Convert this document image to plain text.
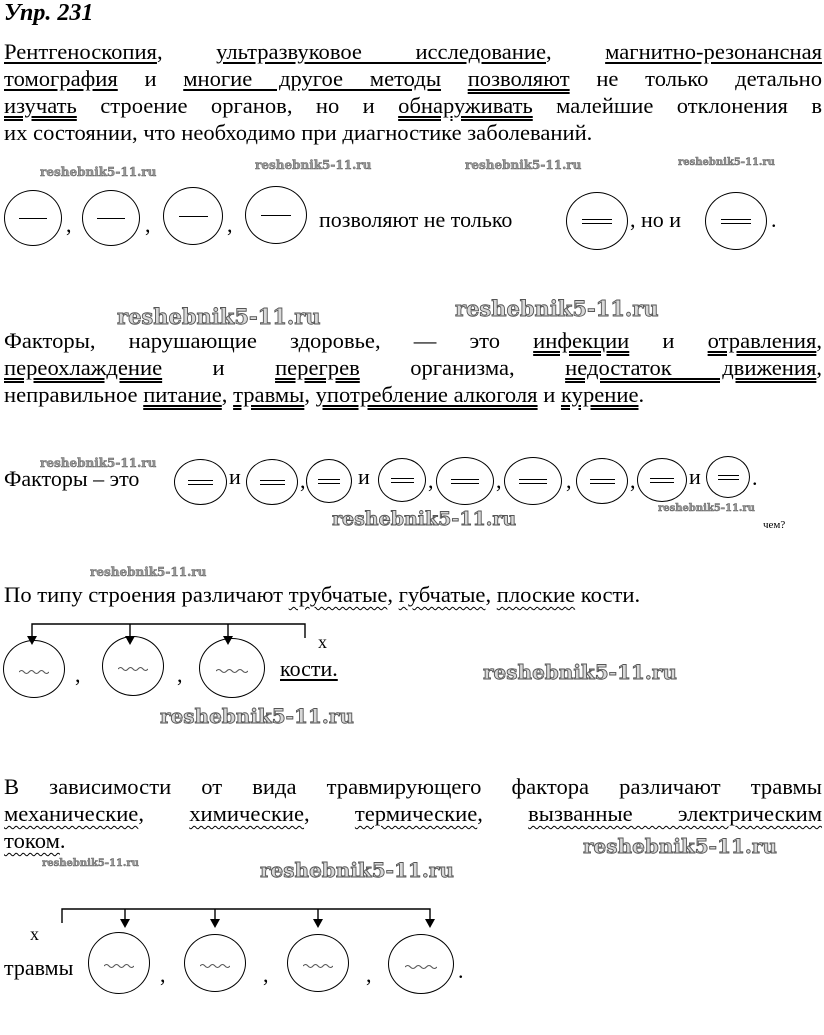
Упр. 231
Рентгеноскопия, ультразвуковое исследование, магнитно-резонансная
томография и многие другое методы позволяют не только детально
изучать строение органов, но и обнаруживать малейшие отклонения в
их состоянии, что необходимо при диагностике заболеваний.
,	,	,	позволяют не только	, но и	.
Факторы, нарушающие здоровье, — это инфекции и отравления,
переохлаждение и перегрев организма, недостаток движения,
неправильное питание, травмы, употребление алкоголя и курение.
Факторы – это	и	, и	,	,	,	, и .
чем?
По типу строения различают трубчатые, губчатые, плоские кости.
x
,	,	кости.
В зависимости от вида травмирующего фактора различают травмы
механические, химические, термические, вызванные электрическим
током.
x
травмы	,	,	,	.
reshebnik5-11.ru	reshebnik5-11.ru	reshebnik5-11.ru	reshebnik5-11.ru
reshebnik5-11.ru	reshebnik5-11.ru
reshebnik5-11.ru
reshebnik5-11.ru	reshebnik5-11.ru
reshebnik5-11.ru
reshebnik5-11.ru
reshebnik5-11.ru
reshebnik5-11.ru
reshebnik5-11.ru	reshebnik5-11.ru
